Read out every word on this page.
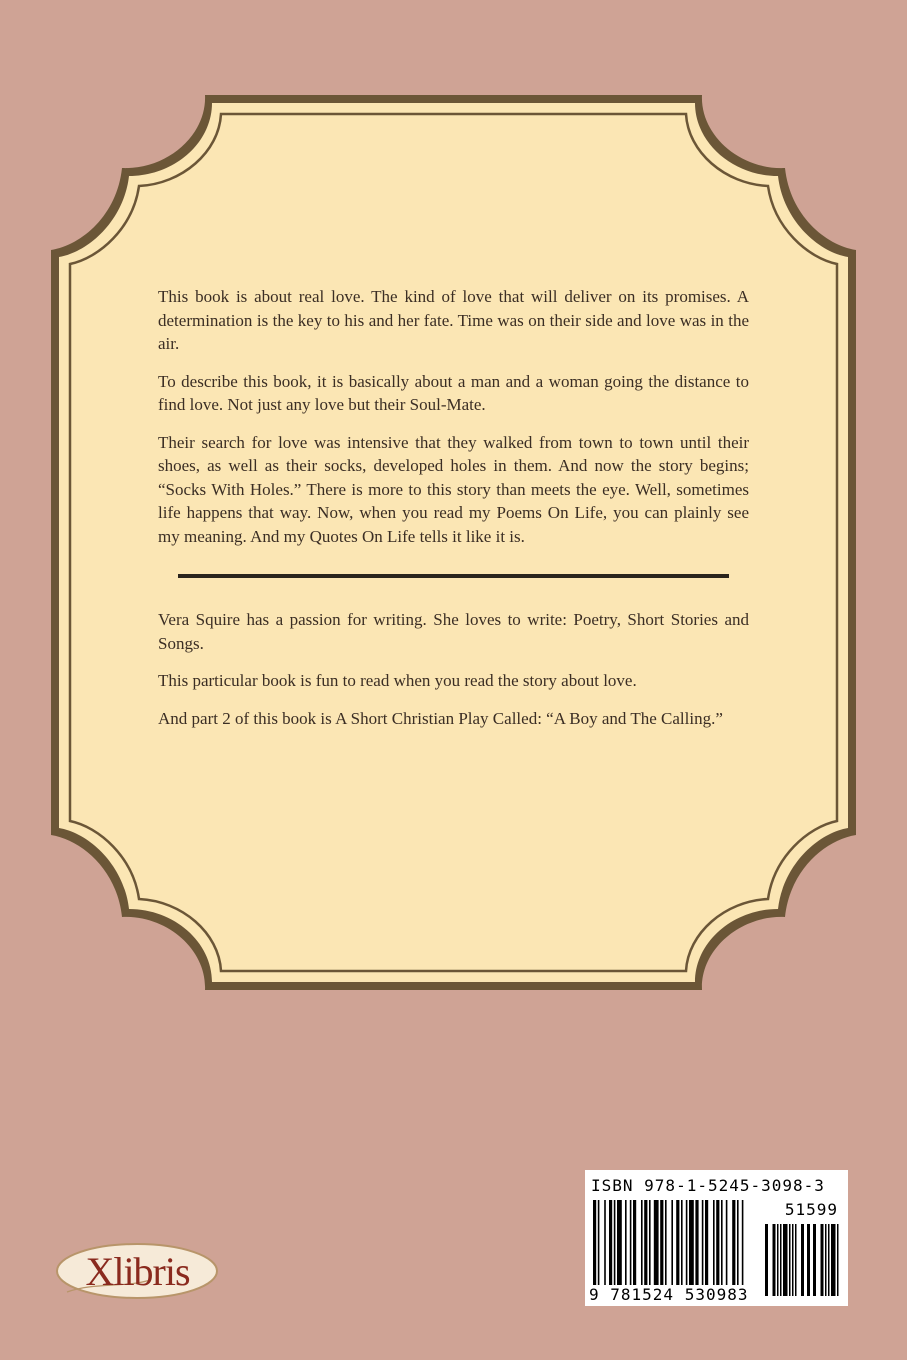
This book is about real love. The kind of love that will deliver on its promises. A determination is the key to his and her fate. Time was on their side and love was in the air.

To describe this book, it is basically about a man and a woman going the distance to find love. Not just any love but their Soul-Mate.

Their search for love was intensive that they walked from town to town until their shoes, as well as their socks, developed holes in them. And now the story begins; “Socks With Holes.” There is more to this story than meets the eye. Well, sometimes life happens that way. Now, when you read my Poems On Life, you can plainly see my meaning. And my Quotes On Life tells it like it is.

Vera Squire has a passion for writing. She loves to write: Poetry, Short Stories and Songs.

This particular book is fun to read when you read the story about love.

And part 2 of this book is A Short Christian Play Called: “A Boy and The Calling.”

Xlibris
ISBN 978-1-5245-3098-3
51599
9 781524 530983
